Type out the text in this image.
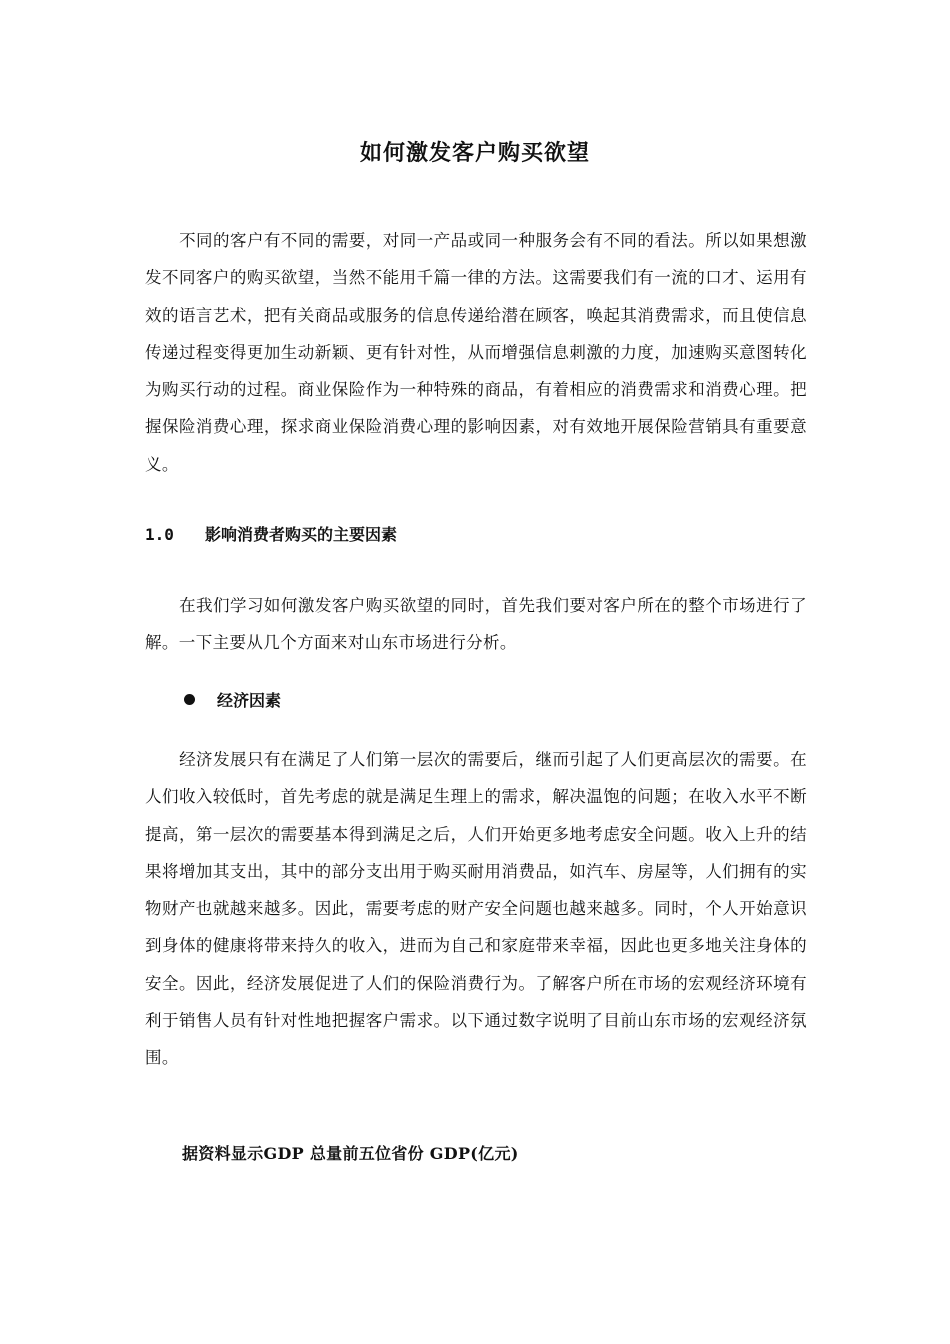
如何激发客户购买欲望

不同的客户有不同的需要，对同一产品或同一种服务会有不同的看法。所以如果想激发不同客户的购买欲望，当然不能用千篇一律的方法。这需要我们有一流的口才、运用有效的语言艺术，把有关商品或服务的信息传递给潜在顾客，唤起其消费需求，而且使信息传递过程变得更加生动新颖、更有针对性，从而增强信息刺激的力度，加速购买意图转化为购买行动的过程。商业保险作为一种特殊的商品，有着相应的消费需求和消费心理。把握保险消费心理，探求商业保险消费心理的影响因素，对有效地开展保险营销具有重要意义。

1.0 影响消费者购买的主要因素

在我们学习如何激发客户购买欲望的同时，首先我们要对客户所在的整个市场进行了解。一下主要从几个方面来对山东市场进行分析。

经济因素

经济发展只有在满足了人们第一层次的需要后，继而引起了人们更高层次的需要。在人们收入较低时，首先考虑的就是满足生理上的需求，解决温饱的问题；在收入水平不断提高，第一层次的需要基本得到满足之后，人们开始更多地考虑安全问题。收入上升的结果将增加其支出，其中的部分支出用于购买耐用消费品，如汽车、房屋等，人们拥有的实物财产也就越来越多。因此，需要考虑的财产安全问题也越来越多。同时，个人开始意识到身体的健康将带来持久的收入，进而为自己和家庭带来幸福，因此也更多地关注身体的安全。因此，经济发展促进了人们的保险消费行为。了解客户所在市场的宏观经济环境有利于销售人员有针对性地把握客户需求。以下通过数字说明了目前山东市场的宏观经济氛围。

据资料显示GDP 总量前五位省份 GDP(亿元)
